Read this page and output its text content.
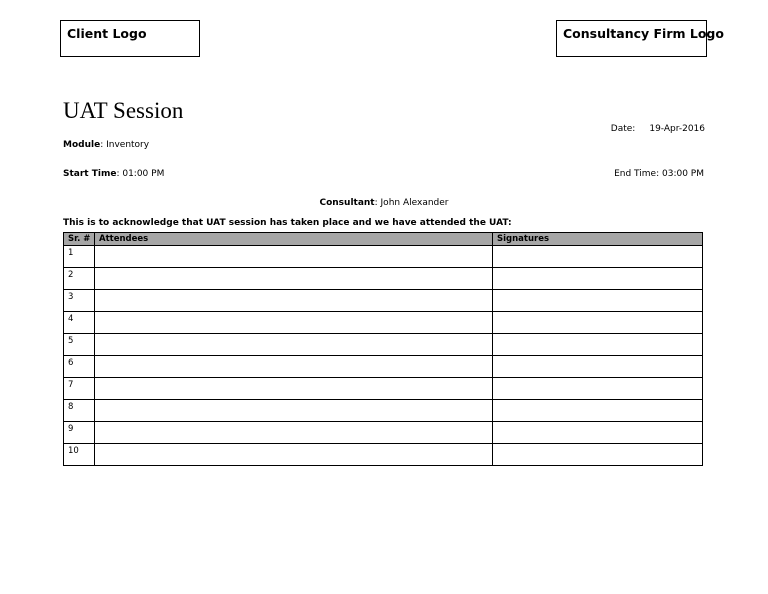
Client Logo	Consultancy Firm Logo
UAT Session
Date: 19-Apr-2016
Module: Inventory
Start Time: 01:00 PM	End Time: 03:00 PM
Consultant: John Alexander
This is to acknowledge that UAT session has taken place and we have attended the UAT:
Sr. #	Attendees	Signatures
1		
2		
3		
4		
5		
6		
7		
8		
9		
10		
